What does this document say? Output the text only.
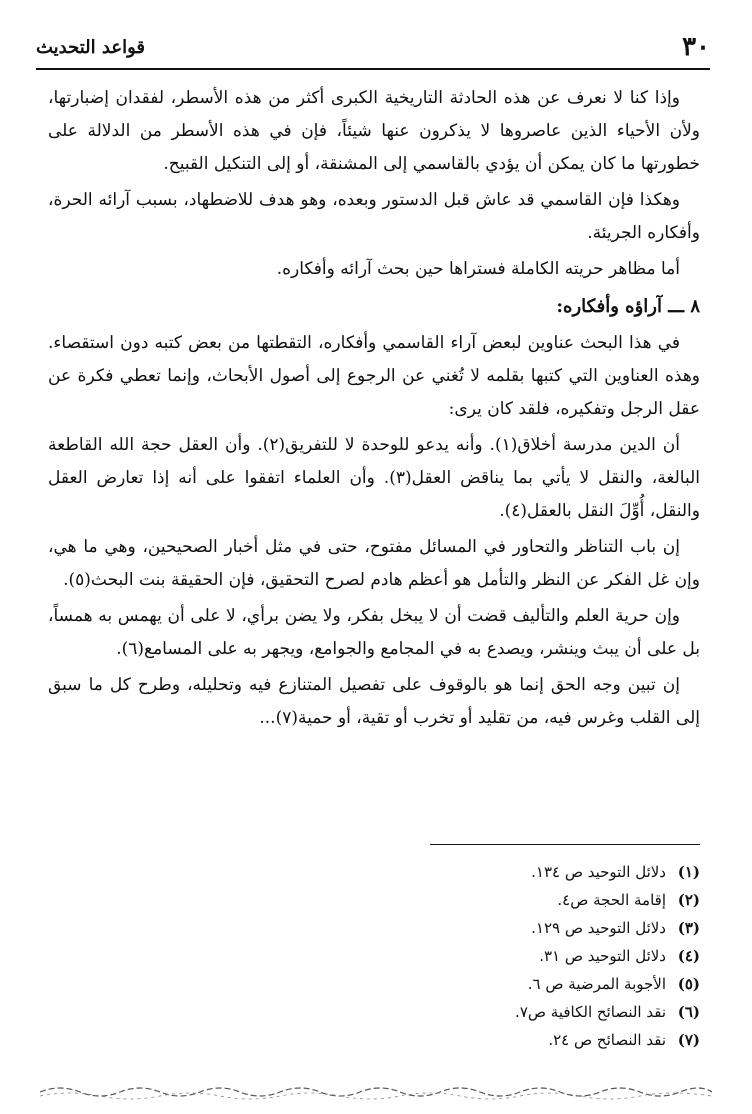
٣٠
قواعد التحديث

وإذا كنا لا نعرف عن هذه الحادثة التاريخية الكبرى أكثر من هذه الأسطر، لفقدان إضبارتها، ولأن الأحياء الذين عاصروها لا يذكرون عنها شيئاً، فإن في هذه الأسطر من الدلالة على خطورتها ما كان يمكن أن يؤدي بالقاسمي إلى المشنقة، أو إلى التنكيل القبيح.

وهكذا فإن القاسمي قد عاش قبل الدستور وبعده، وهو هدف للاضطهاد، بسبب آرائه الحرة، وأفكاره الجريئة.

أما مظاهر حريته الكاملة فستراها حين بحث آرائه وأفكاره.

٨ ـــ آراؤه وأفكاره:

في هذا البحث عناوين لبعض آراء القاسمي وأفكاره، التقطتها من بعض كتبه دون استقصاء. وهذه العناوين التي كتبها بقلمه لا تُغني عن الرجوع إلى أصول الأبحاث، وإنما تعطي فكرة عن عقل الرجل وتفكيره، فلقد كان يرى:

أن الدين مدرسة أخلاق(١). وأنه يدعو للوحدة لا للتفريق(٢). وأن العقل حجة الله القاطعة البالغة، والنقل لا يأتي بما يناقض العقل(٣). وأن العلماء اتفقوا على أنه إذا تعارض العقل والنقل، أُوِّلَ النقل بالعقل(٤).

إن باب التناظر والتحاور في المسائل مفتوح، حتى في مثل أخبار الصحيحين، وهي ما هي، وإن غل الفكر عن النظر والتأمل هو أعظم هادم لصرح التحقيق، فإن الحقيقة بنت البحث(٥).

وإن حرية العلم والتأليف قضت أن لا يبخل بفكر، ولا يضن برأي، لا على أن يهمس به همساً، بل على أن يبث وينشر، ويصدع به في المجامع والجوامع، ويجهر به على المسامع(٦).

إن تبين وجه الحق إنما هو بالوقوف على تفصيل المتنازع فيه وتحليله، وطرح كل ما سبق إلى القلب وغرس فيه، من تقليد أو تخرب أو تقية، أو حمية(٧)...

(١)
دلائل التوحيد ص ١٣٤.
(٢)
إقامة الحجة ص٤.
(٣)
دلائل التوحيد ص ١٢٩.
(٤)
دلائل التوحيد ص ٣١.
(٥)
الأجوبة المرضية ص ٦.
(٦)
نقد النصائح الكافية ص٧.
(٧)
نقد النصائح ص ٢٤.
